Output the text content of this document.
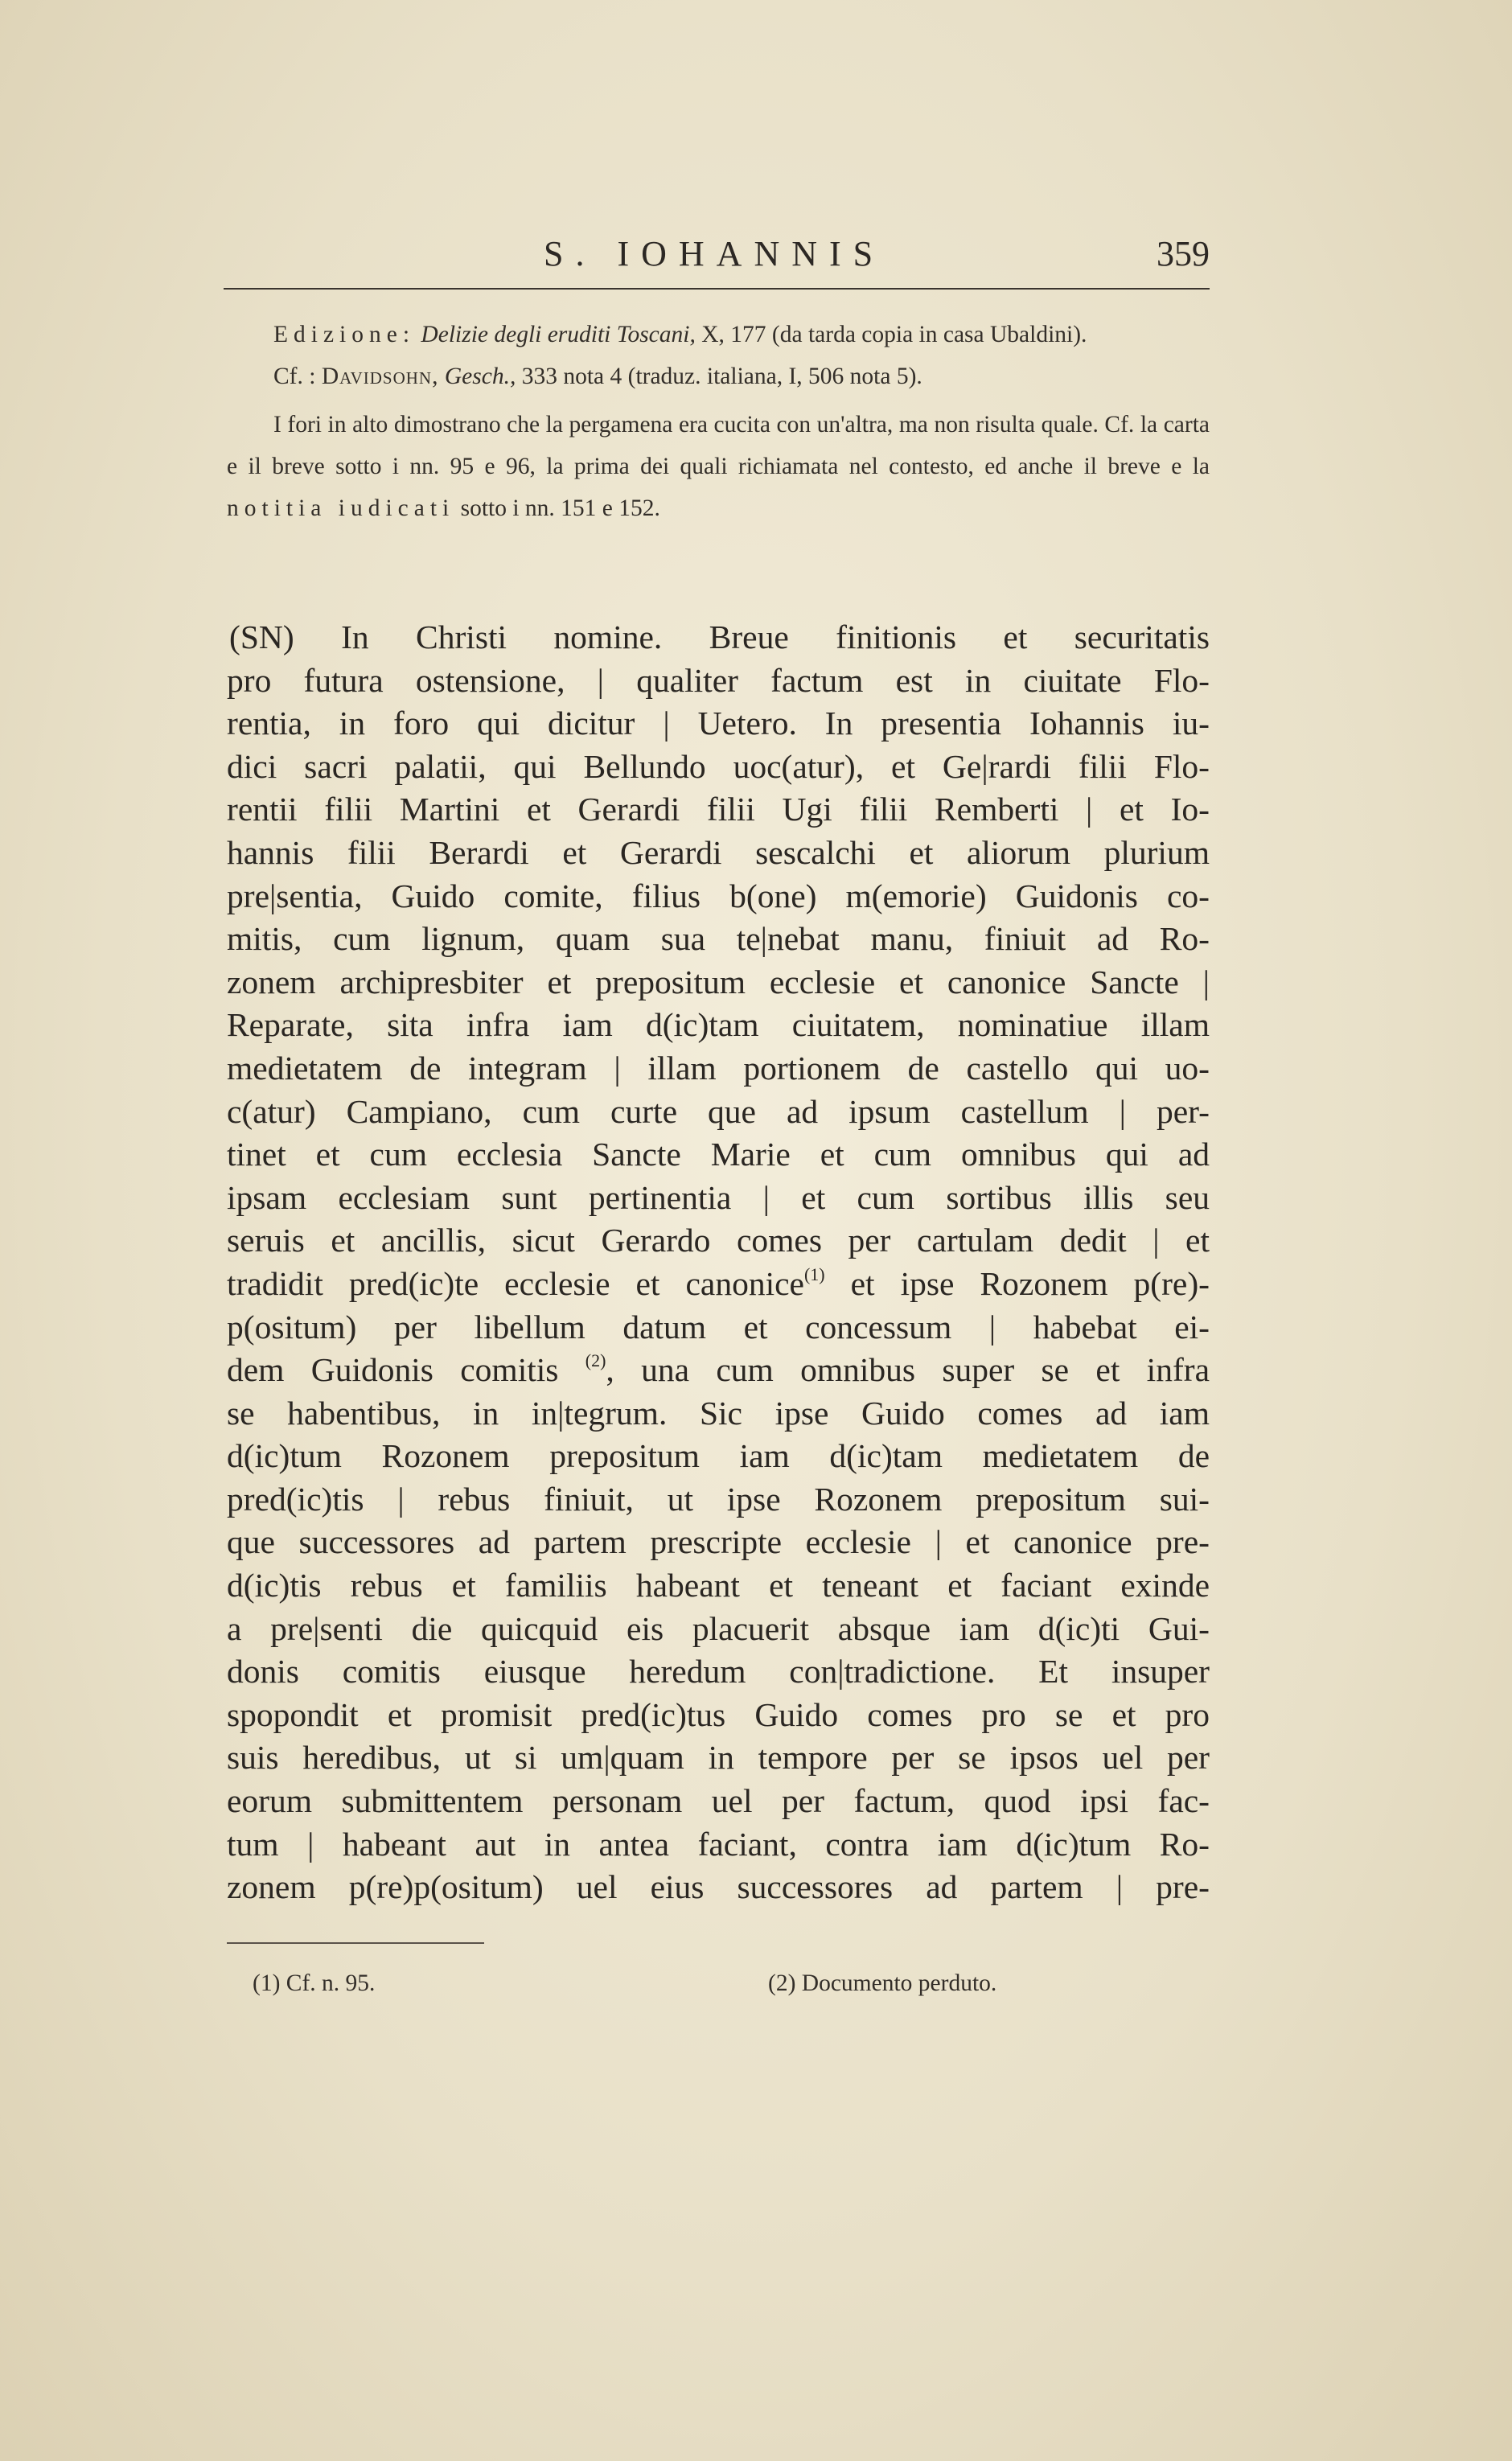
S. IOHANNIS	359

Edizione: Delizie degli eruditi Toscani, X, 177 (da tarda copia in casa Ubaldini).

Cf. : Davidsohn, Gesch., 333 nota 4 (traduz. italiana, I, 506 nota 5).

I fori in alto dimostrano che la pergamena era cucita con un'altra, ma non risulta quale. Cf. la carta e il breve sotto i nn. 95 e 96, la prima dei quali richiamata nel contesto, ed anche il breve e la notitia iudicati sotto i nn. 151 e 152.

(SN) In Christi nomine. Breue finitionis et securitatis
pro futura ostensione, | qualiter factum est in ciuitate Flo-
rentia, in foro qui dicitur | Uetero. In presentia Iohannis iu-
dici sacri palatii, qui Bellundo uoc(atur), et Ge|rardi filii Flo-
rentii filii Martini et Gerardi filii Ugi filii Remberti | et Io-
hannis filii Berardi et Gerardi sescalchi et aliorum plurium
pre|sentia, Guido comite, filius b(one) m(emorie) Guidonis co-
mitis, cum lignum, quam sua te|nebat manu, finiuit ad Ro-
zonem archipresbiter et prepositum ecclesie et canonice Sancte |
Reparate, sita infra iam d(ic)tam ciuitatem, nominatiue illam
medietatem de integram | illam portionem de castello qui uo-
c(atur) Campiano, cum curte que ad ipsum castellum | per-
tinet et cum ecclesia Sancte Marie et cum omnibus qui ad
ipsam ecclesiam sunt pertinentia | et cum sortibus illis seu
seruis et ancillis, sicut Gerardo comes per cartulam dedit | et
tradidit pred(ic)te ecclesie et canonice$^{(1)}$ et ipse Rozonem p(re)-
p(ositum) per libellum datum et concessum | habebat ei-
dem Guidonis comitis $^{(2)}$, una cum omnibus super se et infra
se habentibus, in in|tegrum. Sic ipse Guido comes ad iam
d(ic)tum Rozonem prepositum iam d(ic)tam medietatem de
pred(ic)tis | rebus finiuit, ut ipse Rozonem prepositum sui-
que successores ad partem prescripte ecclesie | et canonice pre-
d(ic)tis rebus et familiis habeant et teneant et faciant exinde
a pre|senti die quicquid eis placuerit absque iam d(ic)ti Gui-
donis comitis eiusque heredum con|tradictione. Et insuper
spopondit et promisit pred(ic)tus Guido comes pro se et pro
suis heredibus, ut si um|quam in tempore per se ipsos uel per
eorum submittentem personam uel per factum, quod ipsi fac-
tum | habeant aut in antea faciant, contra iam d(ic)tum Ro-
zonem p(re)p(ositum) uel eius successores ad partem | pre-
(1) Cf. n. 95.	(2) Documento perduto.
